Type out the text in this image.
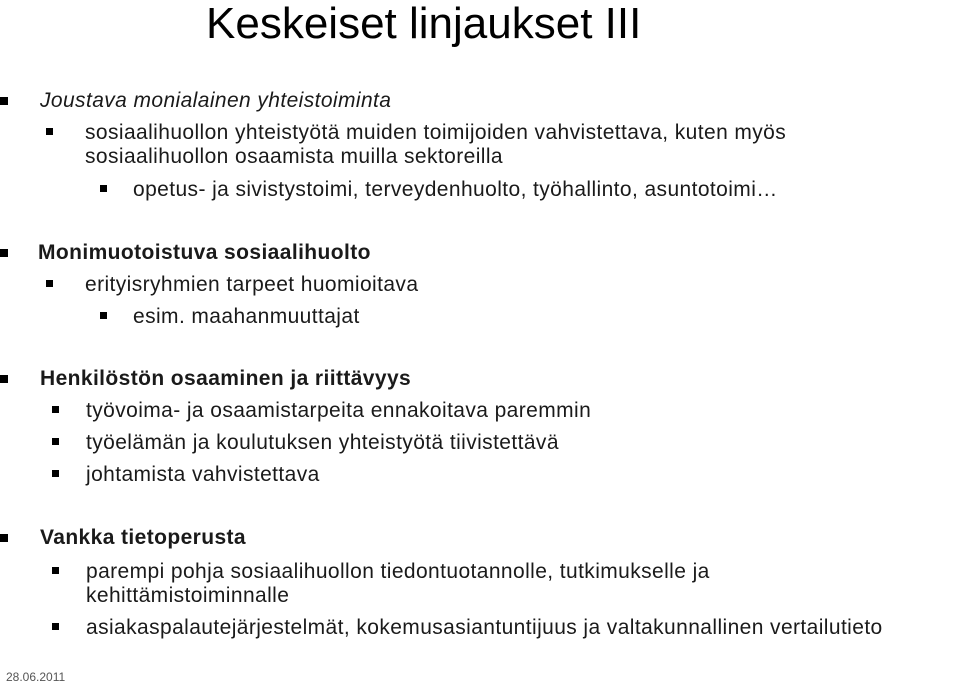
Keskeiset linjaukset III
Joustava monialainen yhteistoiminta
sosiaalihuollon yhteistyötä muiden toimijoiden vahvistettava, kuten myös sosiaalihuollon osaamista muilla sektoreilla
opetus- ja sivistystoimi, terveydenhuolto, työhallinto, asuntotoimi…
Monimuotoistuva sosiaalihuolto
erityisryhmien tarpeet huomioitava
esim. maahanmuuttajat
Henkilöstön osaaminen ja riittävyys
työvoima- ja osaamistarpeita ennakoitava paremmin
työelämän ja koulutuksen yhteistyötä tiivistettävä
johtamista vahvistettava
Vankka tietoperusta
parempi pohja sosiaalihuollon tiedontuotannolle, tutkimukselle ja kehittämistoiminnalle
asiakaspalautejärjestelmät, kokemusasiantuntijuus ja valtakunnallinen vertailutieto
28.06.2011
